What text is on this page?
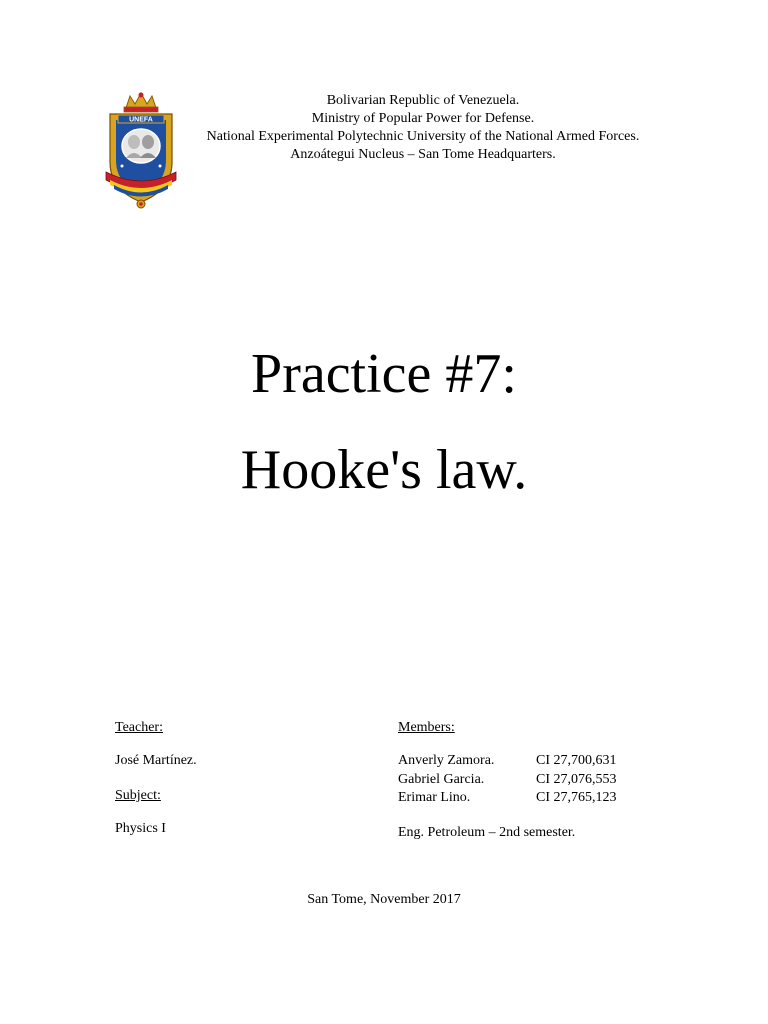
UNEFA
Bolivarian Republic of Venezuela.
Ministry of Popular Power for Defense.
National Experimental Polytechnic University of the National Armed Forces.
Anzoátegui Nucleus – San Tome Headquarters.
Practice #7:
Hooke's law.
Teacher:
José Martínez.
Subject:
Physics I
Members:
Anverly Zamora.	CI 27,700,631
Gabriel Garcia.	CI 27,076,553
Erimar Lino.	CI 27,765,123
Eng. Petroleum – 2nd semester.
San Tome, November 2017
